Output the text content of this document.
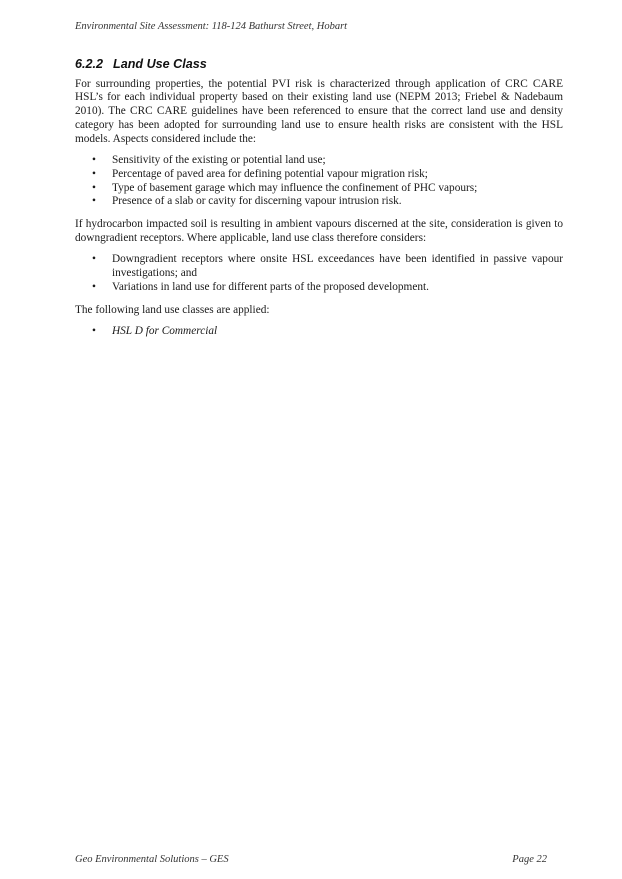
Environmental Site Assessment: 118-124 Bathurst Street, Hobart
6.2.2 Land Use Class

For surrounding properties, the potential PVI risk is characterized through application of CRC CARE HSL’s for each individual property based on their existing land use (NEPM 2013; Friebel & Nadebaum 2010). The CRC CARE guidelines have been referenced to ensure that the correct land use and density category has been adopted for surrounding land use to ensure health risks are consistent with the HSL models. Aspects considered include the:

• Sensitivity of the existing or potential land use;
• Percentage of paved area for defining potential vapour migration risk;
• Type of basement garage which may influence the confinement of PHC vapours;
• Presence of a slab or cavity for discerning vapour intrusion risk.

If hydrocarbon impacted soil is resulting in ambient vapours discerned at the site, consideration is given to downgradient receptors. Where applicable, land use class therefore considers:

• Downgradient receptors where onsite HSL exceedances have been identified in passive vapour investigations; and
• Variations in land use for different parts of the proposed development.

The following land use classes are applied:

• HSL D for Commercial
Geo Environmental Solutions – GES	Page 22
